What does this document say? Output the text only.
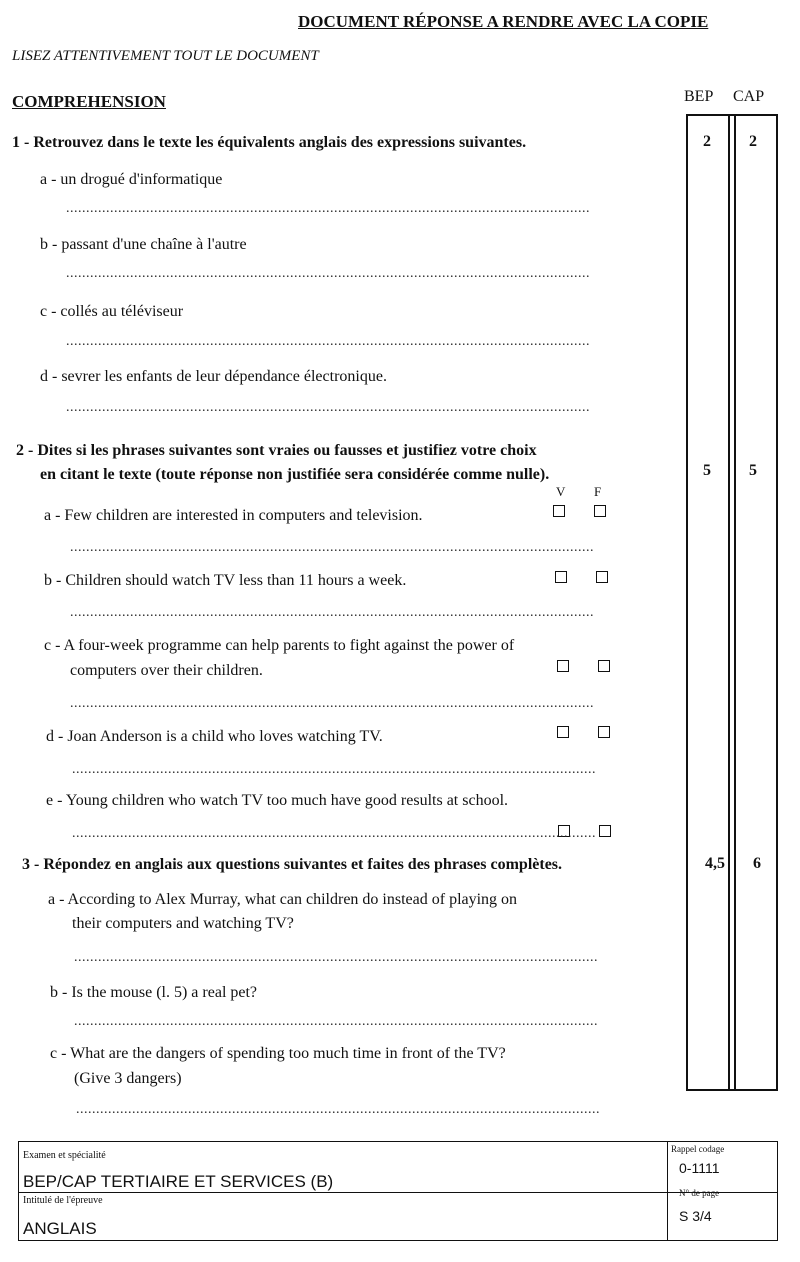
DOCUMENT RÉPONSE A RENDRE AVEC LA COPIE
LISEZ ATTENTIVEMENT TOUT LE DOCUMENT
COMPREHENSION	BEP CAP
1 - Retrouvez dans le texte les équivalents anglais des expressions suivantes.	2	2
a - un drogué d'informatique
...................................................................................................................................
b - passant d'une chaîne à l'autre
...................................................................................................................................
c - collés au téléviseur
...................................................................................................................................
d - sevrer les enfants de leur dépendance électronique.
...................................................................................................................................
2 - Dites si les phrases suivantes sont vraies ou fausses et justifiez votre choix
en citant le texte (toute réponse non justifiée sera considérée comme nulle).	5	5
V F
a - Few children are interested in computers and television.
...................................................................................................................................
b - Children should watch TV less than 11 hours a week.
...................................................................................................................................
c - A four-week programme can help parents to fight against the power of
computers over their children.
...................................................................................................................................
d - Joan Anderson is a child who loves watching TV.
...................................................................................................................................
e - Young children who watch TV too much have good results at school.
...................................................................................................................................
3 - Répondez en anglais aux questions suivantes et faites des phrases complètes.	4,5	6
a - According to Alex Murray, what can children do instead of playing on
their computers and watching TV?
...................................................................................................................................
b - Is the mouse (l. 5) a real pet?
...................................................................................................................................
c - What are the dangers of spending too much time in front of the TV?
(Give 3 dangers)
...................................................................................................................................
Examen et spécialité
BEP/CAP TERTIAIRE ET SERVICES (B)
Intitulé de l'épreuve
ANGLAIS
Rappel codage
0-1111
N° de page
S 3/4
